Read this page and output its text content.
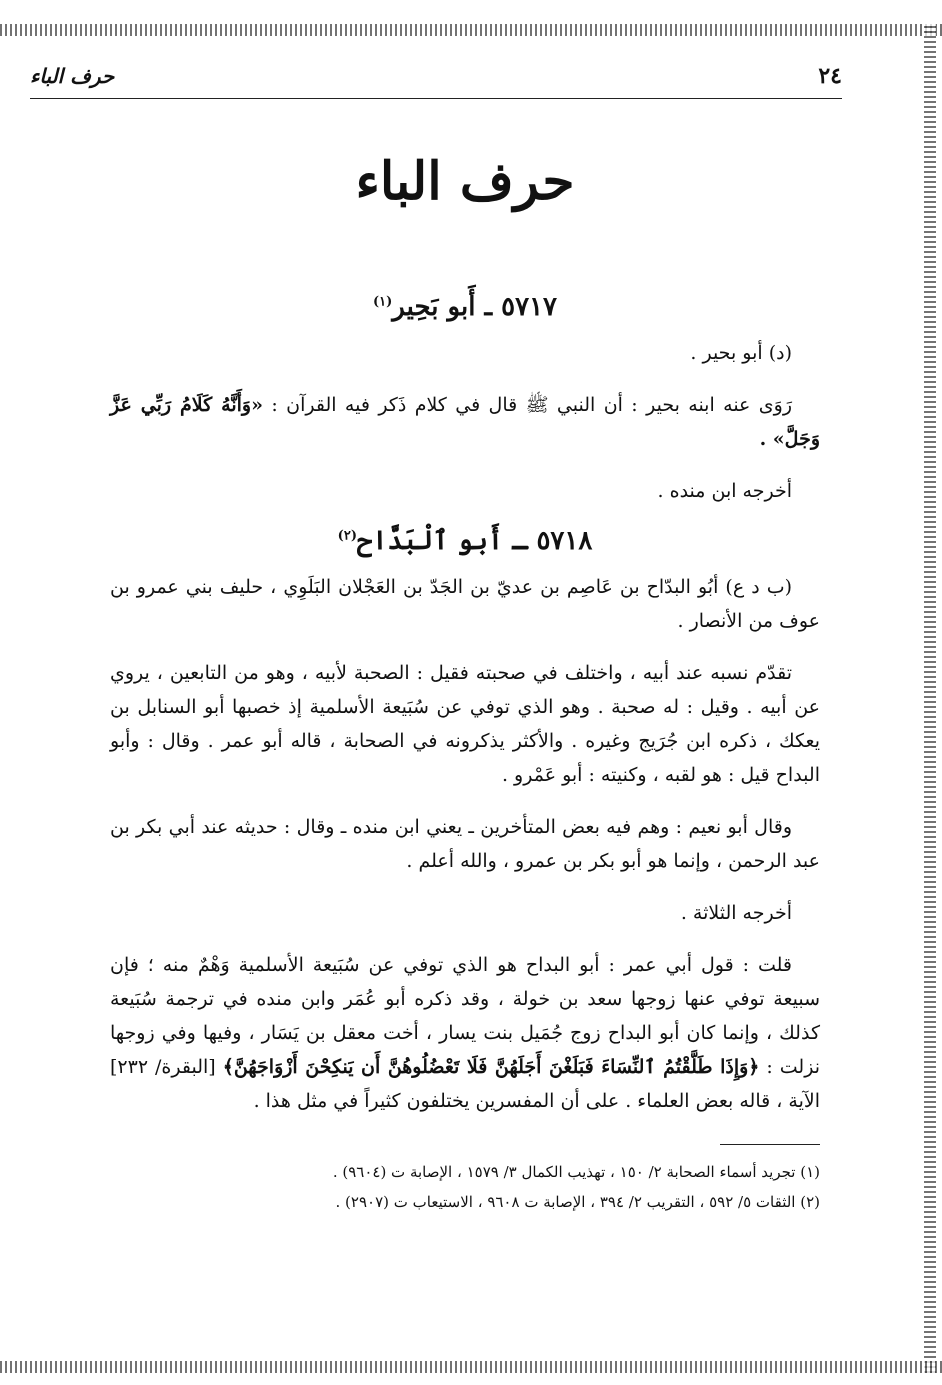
٢٤
حرف الباء
حرف الباء
٥٧١٧ ـ أَبو بَحِير$^{(١)}$

(د) أبو بحير .

رَوَى عنه ابنه بحير : أن النبي ﷺ قال في كلام ذَكر فيه القرآن : «وَأَنَّهُ كَلَامُ رَبِّي عَزَّ وَجَلَّ» .

أخرجه ابن منده .

٥٧١٨ ـ أَبو ٱلْبَدَّاح$^{(٢)}$

(ب د ع) أبُو البدّاح بن عَاصِم بن عديّ بن الجَدّ بن العَجْلان البَلَوِي ، حليف بني عمرو بن عوف من الأنصار .

تقدّم نسبه عند أبيه ، واختلف في صحبته فقيل : الصحبة لأبيه ، وهو من التابعين ، يروي عن أبيه . وقيل : له صحبة . وهو الذي توفي عن سُبَيعة الأسلمية إذ خصبها أبو السنابل بن يعكك ، ذكره ابن جُرَيج وغيره . والأكثر يذكرونه في الصحابة ، قاله أبو عمر . وقال : وأبو البداح قيل : هو لقبه ، وكنيته : أبو عَمْرو .

وقال أبو نعيم : وهم فيه بعض المتأخرين ـ يعني ابن منده ـ وقال : حديثه عند أبي بكر بن عبد الرحمن ، وإنما هو أبو بكر بن عمرو ، والله أعلم .

أخرجه الثلاثة .

قلت : قول أبي عمر : أبو البداح هو الذي توفي عن سُبَيعة الأسلمية وَهْمٌ منه ؛ فإن سبيعة توفي عنها زوجها سعد بن خولة ، وقد ذكره أبو عُمَر وابن منده في ترجمة سُبَيعة كذلك ، وإنما كان أبو البداح زوج جُمَيل بنت يسار ، أخت معقل بن يَسَار ، وفيها وفي زوجها نزلت : ﴿وَإِذَا طَلَّقْتُمُ ٱلنِّسَاءَ فَبَلَغْنَ أَجَلَهُنَّ فَلَا تَعْضُلُوهُنَّ أَن يَنكِحْنَ أَزْوَاجَهُنَّ﴾ [البقرة/ ٢٣٢] الآية ، قاله بعض العلماء . على أن المفسرين يختلفون كثيراً في مثل هذا .

(١) تجريد أسماء الصحابة ٢/ ١٥٠ ، تهذيب الكمال ٣/ ١٥٧٩ ، الإصابة ت (٩٦٠٤) .

(٢) الثقات ٥/ ٥٩٢ ، التقريب ٢/ ٣٩٤ ، الإصابة ت ٩٦٠٨ ، الاستيعاب ت (٢٩٠٧) .
